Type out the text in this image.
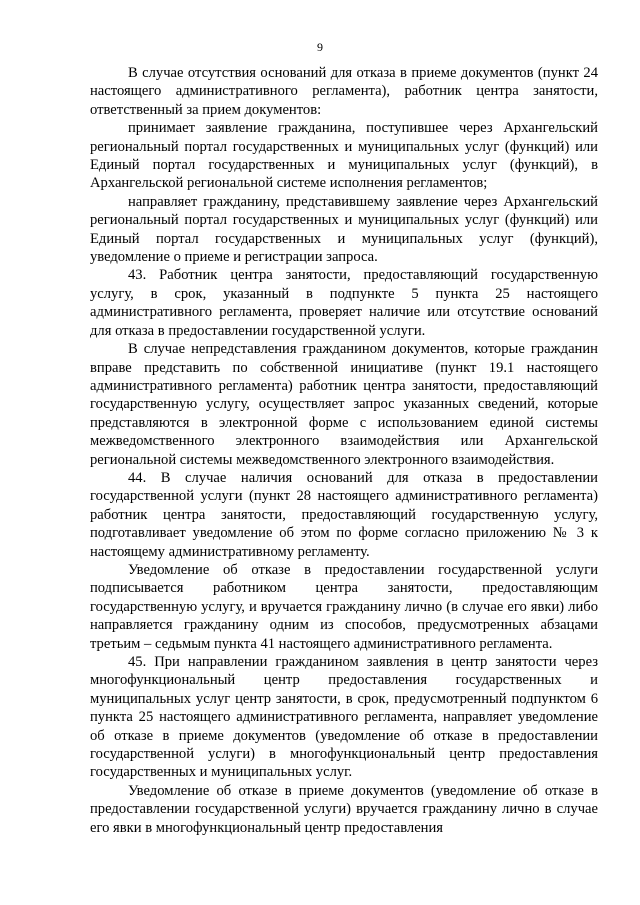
9

В случае отсутствия оснований для отказа в приеме документов (пункт 24 настоящего административного регламента), работник центра занятости, ответственный за прием документов:

принимает заявление гражданина, поступившее через Архангельский региональный портал государственных и муниципальных услуг (функций) или Единый портал государственных и муниципальных услуг (функций), в Архангельской региональной системе исполнения регламентов;

направляет гражданину, представившему заявление через Архангельский региональный портал государственных и муниципальных услуг (функций) или Единый портал государственных и муниципальных услуг (функций), уведомление о приеме и регистрации запроса.

43. Работник центра занятости, предоставляющий государственную услугу, в срок, указанный в подпункте 5 пункта 25 настоящего административного регламента, проверяет наличие или отсутствие оснований для отказа в предоставлении государственной услуги.

В случае непредставления гражданином документов, которые гражданин вправе представить по собственной инициативе (пункт 19.1 настоящего административного регламента) работник центра занятости, предоставляющий государственную услугу, осуществляет запрос указанных сведений, которые представляются в электронной форме с использованием единой системы межведомственного электронного взаимодействия или Архангельской региональной системы межведомственного электронного взаимодействия.

44. В случае наличия оснований для отказа в предоставлении государственной услуги (пункт 28 настоящего административного регламента) работник центра занятости, предоставляющий государственную услугу, подготавливает уведомление об этом по форме согласно приложению № 3 к настоящему административному регламенту.

Уведомление об отказе в предоставлении государственной услуги подписывается работником центра занятости, предоставляющим государственную услугу, и вручается гражданину лично (в случае его явки) либо направляется гражданину одним из способов, предусмотренных абзацами третьим – седьмым пункта 41 настоящего административного регламента.

45. При направлении гражданином заявления в центр занятости через многофункциональный центр предоставления государственных и муниципальных услуг центр занятости, в срок, предусмотренный подпунктом 6 пункта 25 настоящего административного регламента, направляет уведомление об отказе в приеме документов (уведомление об отказе в предоставлении государственной услуги) в многофункциональный центр предоставления государственных и муниципальных услуг.

Уведомление об отказе в приеме документов (уведомление об отказе в предоставлении государственной услуги) вручается гражданину лично в случае его явки в многофункциональный центр предоставления
